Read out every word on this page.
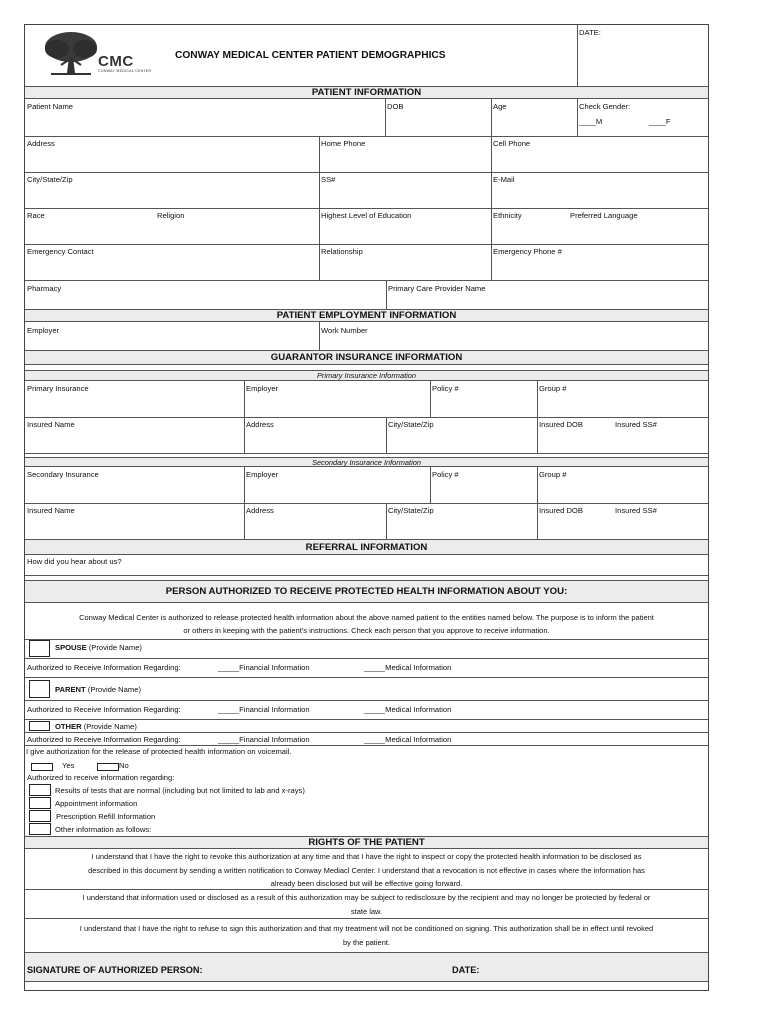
CMC
CONWAY MEDICAL CENTER
CONWAY MEDICAL CENTER PATIENT DEMOGRAPHICS
DATE:
PATIENT INFORMATION
Patient Name	DOB	Age	Check Gender:
____M	____F
Address	Home Phone	Cell Phone
City/State/Zip	SS#	E-Mail
Race	Religion	Highest Level of Education	Ethnicity	Preferred Language
Emergency Contact	Relationship	Emergency Phone #
Pharmacy	Primary Care Provider Name
PATIENT EMPLOYMENT INFORMATION
Employer	Work Number
GUARANTOR INSURANCE INFORMATION
Primary Insurance Information
Primary Insurance	Employer	Policy #	Group #
Insured Name	Address	City/State/Zip	Insured DOB	Insured SS#
Secondary Insurance Information
Secondary Insurance	Employer	Policy #	Group #
Insured Name	Address	City/State/Zip	Insured DOB	Insured SS#
REFERRAL INFORMATION
How did you hear about us?
PERSON AUTHORIZED TO RECEIVE PROTECTED HEALTH INFORMATION ABOUT YOU:
Conway Medical Center is authorized to release protected health information about the above named patient to the entities named below. The purpose is to inform the patient
or others in keeping with the patient's instructions. Check each person that you approve to receive information.
SPOUSE (Provide Name)
Authorized to Receive Information Regarding:	_____Financial Information	_____Medical Information
PARENT (Provide Name)
Authorized to Receive Information Regarding:	_____Financial Information	_____Medical Information
OTHER (Provide Name)
Authorized to Receive Information Regarding:	_____Financial Information	_____Medical Information
I give authorization for the release of protected health information on voicemail.
Yes	No
Authorized to receive information regarding:
Results of tests that are normal (including but not limited to lab and x-rays)
Appointment information
Prescription Refill Information
Other information as follows:
RIGHTS OF THE PATIENT
I understand that I have the right to revoke this authorization at any time and that I have the right to inspect or copy the protected health information to be disclosed as
described in this document by sending a written notification to Conway Mediacl Center. I understand that a revocation is not effective in cases where the information has
already been disclosed but will be effective going forward.
I understand that information used or disclosed as a result of this authorization may be subject to redisclosure by the recipient and may no longer be protected by federal or
state law.
I understand that I have the right to refuse to sign this authorization and that my treatment will not be conditioned on signing. This authorization shall be in effect until revoked
by the patient.
SIGNATURE OF AUTHORIZED PERSON:	DATE:
